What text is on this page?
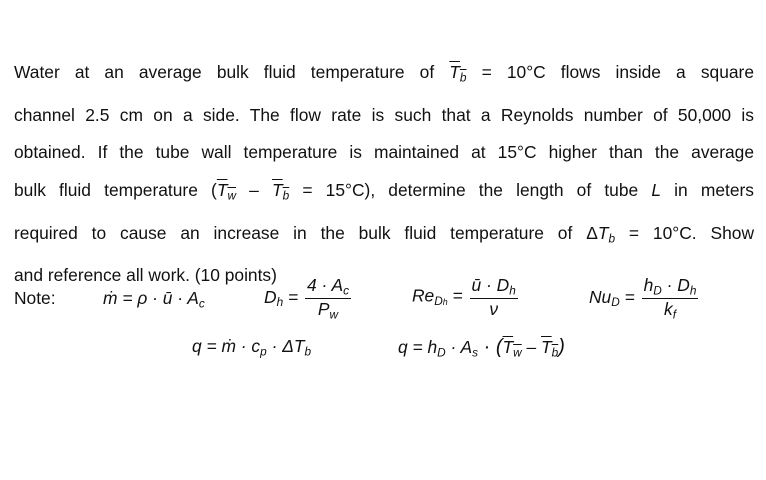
Water at an average bulk fluid temperature of $T_b = 10^\circ C$ flows inside a square
channel 2.5 cm on a side. The flow rate is such that a Reynolds number of 50,000 is
obtained. If the tube wall temperature is maintained at 15°C higher than the average
bulk fluid temperature $(T_w - T_b = 15^\circ C)$, determine the length of tube L in meters
required to cause an increase in the bulk fluid temperature of $\Delta T_b = 10^\circ C$. Show
and reference all work. (10 points)
Note:	ṁ = ρ · ū · $A_c$	$D_h = \frac{4 \cdot A_c}{P_w}$	$Re_{Dh} = \frac{ū \cdot D_h}{\nu}$	$Nu_D = \frac{h_D \cdot D_h}{k_f}$
q = ṁ · $c_p \cdot \Delta T_b$	$q = h_D \cdot A_s \cdot (T_w - T_b)$
